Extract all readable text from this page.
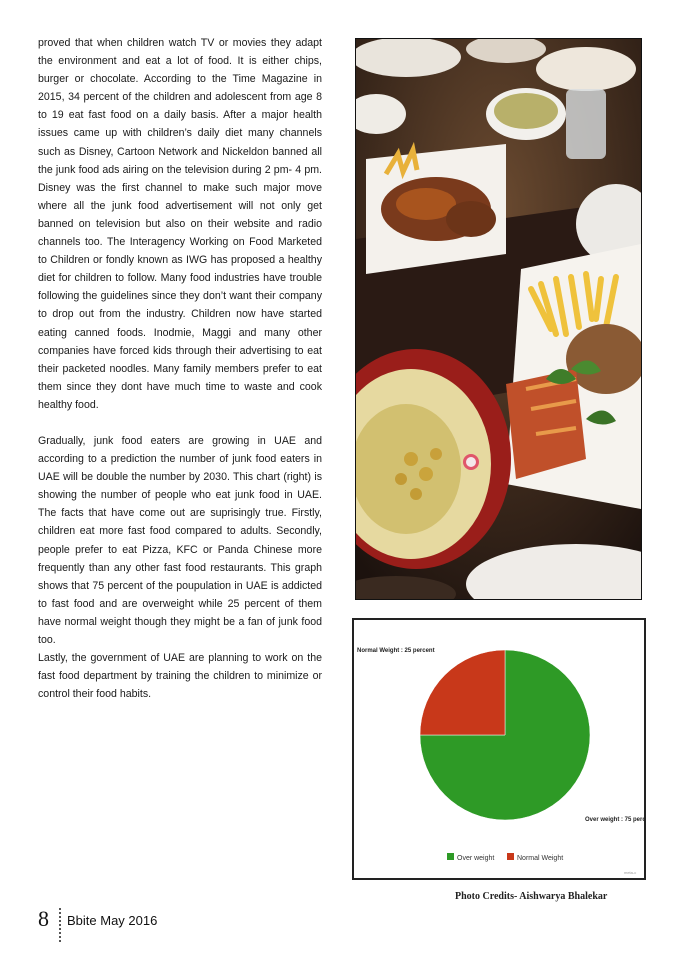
proved that when children watch TV or movies they adapt the environment and eat a lot of food. It is either chips, burger or chocolate. According to the Time Magazine in 2015, 34 percent of the children and adolescent from age 8 to 19 eat fast food on a daily basis. After a major health issues came up with children’s daily diet many channels such as Disney, Cartoon Network and Nickeldon banned all the junk food ads airing on the television during 2 pm- 4 pm. Disney was the first channel to make such major move where all the junk food advertisement will not only get banned on television but also on their website and radio channels too. The Interagency Working on Food Marketed to Children or fondly known as IWG has proposed a healthy diet for children to follow. Many food industries have trouble following the guidelines since they don’t want their company to drop out from the industry. Children now have started eating canned foods. Inodmie, Maggi and many other companies have forced kids through their advertising to eat their packeted noodles. Many family members prefer to eat them since they dont have much time to waste and cook healthy food.

Gradually, junk food eaters are growing in UAE and according to a prediction the number of junk food eaters in UAE will be double the number by 2030. This chart (right) is showing the number of people who eat junk food in UAE. The facts that have come out are suprisingly true. Firstly, children eat more fast food compared to adults. Secondly, people prefer to eat Pizza, KFC or Panda Chinese more frequently than any other fast food restaurants. This graph shows that 75 percent of the poupulation in UAE is addicted to fast food and are overweight while 25 percent of them have normal weight though they might be a fan of junk food too.

Lastly, the government of UAE are planning to work on the fast food department by training the children to minimize or control their food habits.

Normal Weight : 25 percent
Over weight : 75 perc
Over weight	Normal Weight
meta-c
Photo Credits- Aishwarya Bhalekar
8 Bbite May 2016
